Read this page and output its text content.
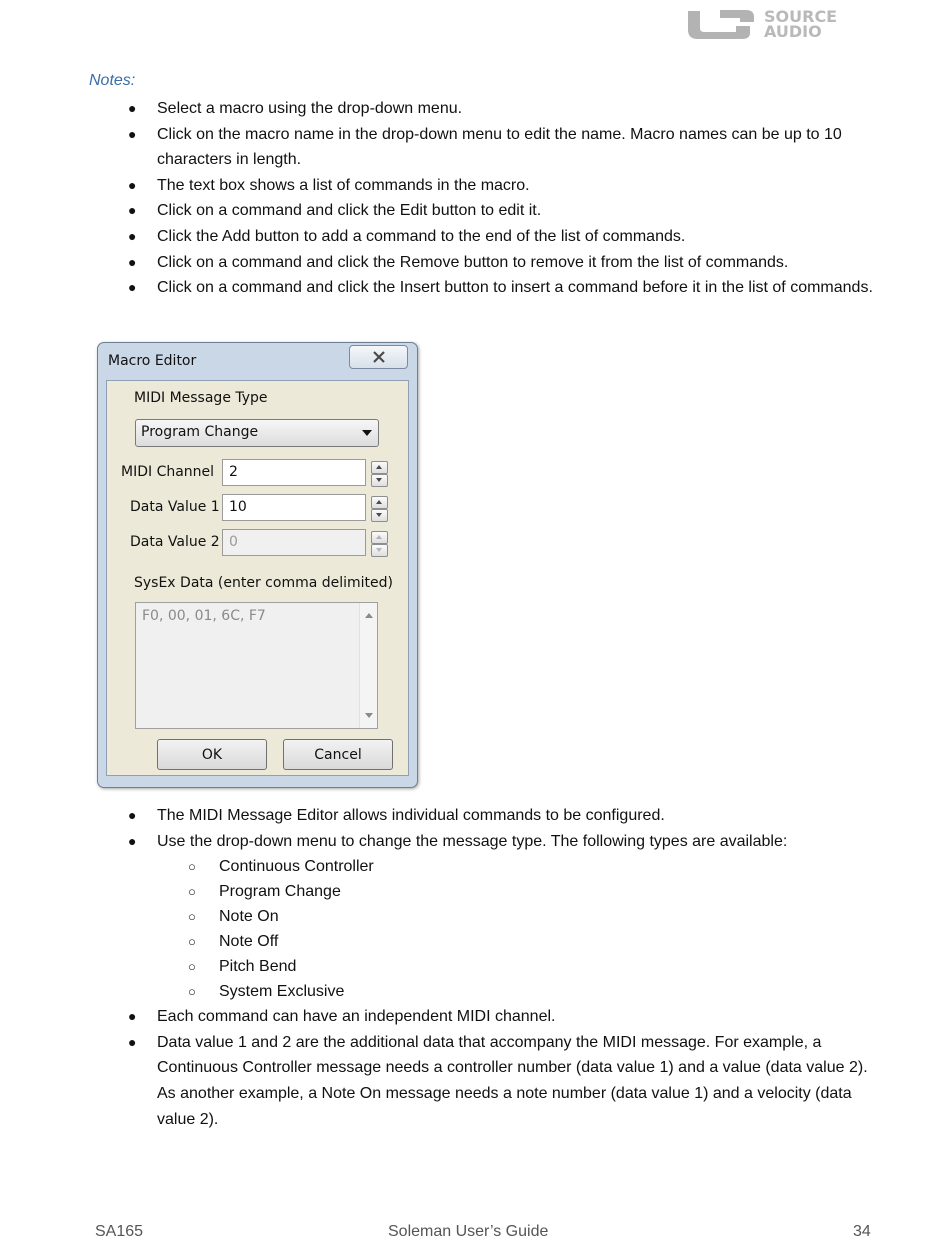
SOURCE
AUDIO
Notes:
● Select a macro using the drop-down menu.
● Click on the macro name in the drop-down menu to edit the name. Macro names can be up to 10 characters in length.
● The text box shows a list of commands in the macro.
● Click on a command and click the Edit button to edit it.
● Click the Add button to add a command to the end of the list of commands.
● Click on a command and click the Remove button to remove it from the list of commands.
● Click on a command and click the Insert button to insert a command before it in the list of commands.
Macro Editor
MIDI Message Type
Program Change
MIDI Channel 2
Data Value 1 10
Data Value 2 0
SysEx Data (enter comma delimited)
F0, 00, 01, 6C, F7
OK	Cancel
● The MIDI Message Editor allows individual commands to be configured.
● Use the drop-down menu to change the message type. The following types are available:
○ Continuous Controller
○ Program Change
○ Note On
○ Note Off
○ Pitch Bend
○ System Exclusive
● Each command can have an independent MIDI channel.
● Data value 1 and 2 are the additional data that accompany the MIDI message. For example, a Continuous Controller message needs a controller number (data value 1) and a value (data value 2). As another example, a Note On message needs a note number (data value 1) and a velocity (data value 2).
SA165	Soleman User’s Guide	34
